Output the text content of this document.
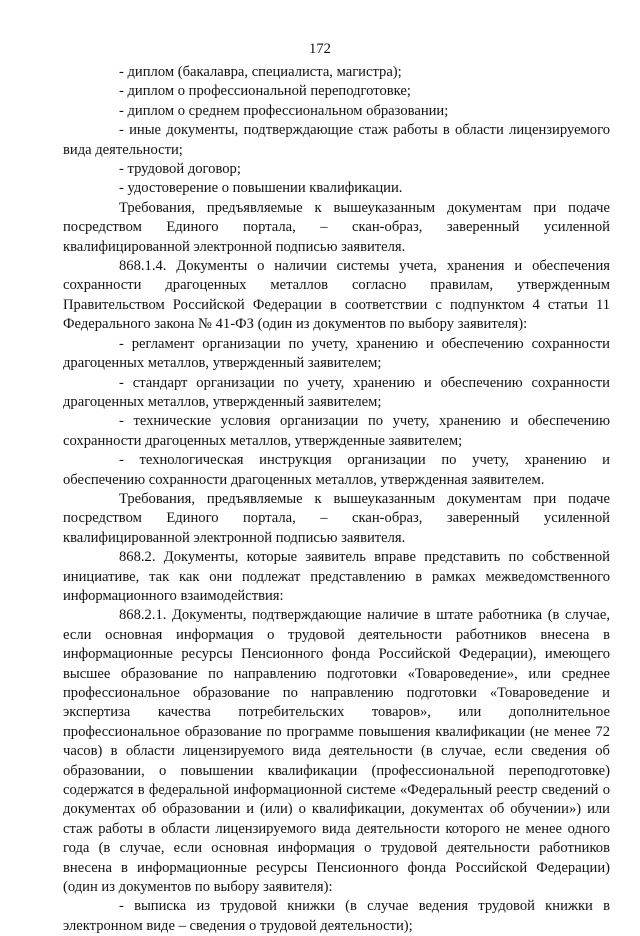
172

- диплом (бакалавра, специалиста, магистра);

- диплом о профессиональной переподготовке;

- диплом о среднем профессиональном образовании;

- иные документы, подтверждающие стаж работы в области лицензируемого вида деятельности;

- трудовой договор;

- удостоверение о повышении квалификации.

Требования, предъявляемые к вышеуказанным документам при подаче посредством Единого портала, – скан-образ, заверенный усиленной квалифицированной электронной подписью заявителя.

868.1.4. Документы о наличии системы учета, хранения и обеспечения сохранности драгоценных металлов согласно правилам, утвержденным Правительством Российской Федерации в соответствии с подпунктом 4 статьи 11 Федерального закона № 41-ФЗ (один из документов по выбору заявителя):

- регламент организации по учету, хранению и обеспечению сохранности драгоценных металлов, утвержденный заявителем;

- стандарт организации по учету, хранению и обеспечению сохранности драгоценных металлов, утвержденный заявителем;

- технические условия организации по учету, хранению и обеспечению сохранности драгоценных металлов, утвержденные заявителем;

- технологическая инструкция организации по учету, хранению и обеспечению сохранности драгоценных металлов, утвержденная заявителем.

Требования, предъявляемые к вышеуказанным документам при подаче посредством Единого портала, – скан-образ, заверенный усиленной квалифицированной электронной подписью заявителя.

868.2. Документы, которые заявитель вправе представить по собственной инициативе, так как они подлежат представлению в рамках межведомственного информационного взаимодействия:

868.2.1. Документы, подтверждающие наличие в штате работника (в случае, если основная информация о трудовой деятельности работников внесена в информационные ресурсы Пенсионного фонда Российской Федерации), имеющего высшее образование по направлению подготовки «Товароведение», или среднее профессиональное образование по направлению подготовки «Товароведение и экспертиза качества потребительских товаров», или дополнительное профессиональное образование по программе повышения квалификации (не менее 72 часов) в области лицензируемого вида деятельности (в случае, если сведения об образовании, о повышении квалификации (профессиональной переподготовке) содержатся в федеральной информационной системе «Федеральный реестр сведений о документах об образовании и (или) о квалификации, документах об обучении») или стаж работы в области лицензируемого вида деятельности которого не менее одного года (в случае, если основная информация о трудовой деятельности работников внесена в информационные ресурсы Пенсионного фонда Российской Федерации) (один из документов по выбору заявителя):

- выписка из трудовой книжки (в случае ведения трудовой книжки в электронном виде – сведения о трудовой деятельности);
